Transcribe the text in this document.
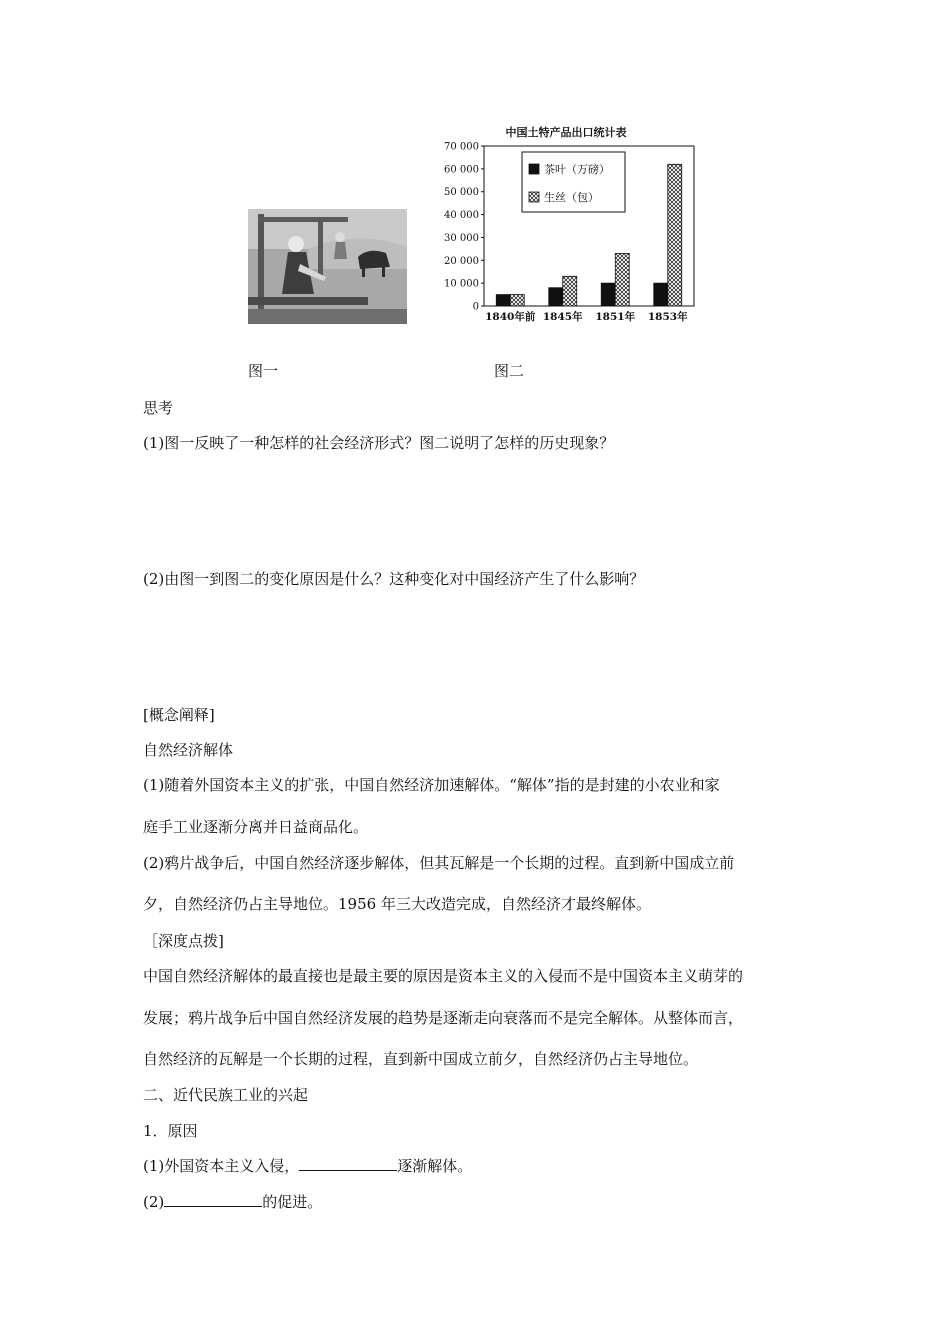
中国土特产品出口统计表
0
10 000
20 000
30 000
40 000
50 000
60 000
70 000
1840年前 1845年 1851年 1853年
茶叶（万磅）
生丝（包）
图一	图二
思考
(1)图一反映了一种怎样的社会经济形式？图二说明了怎样的历史现象？
(2)由图一到图二的变化原因是什么？这种变化对中国经济产生了什么影响？
[概念阐释]
自然经济解体
(1)随着外国资本主义的扩张，中国自然经济加速解体。“解体”指的是封建的小农业和家
庭手工业逐渐分离并日益商品化。
(2)鸦片战争后，中国自然经济逐步解体，但其瓦解是一个长期的过程。直到新中国成立前
夕，自然经济仍占主导地位。1956 年三大改造完成，自然经济才最终解体。
［深度点拨]
中国自然经济解体的最直接也是最主要的原因是资本主义的入侵而不是中国资本主义萌芽的
发展；鸦片战争后中国自然经济发展的趋势是逐渐走向衰落而不是完全解体。从整体而言，
自然经济的瓦解是一个长期的过程，直到新中国成立前夕，自然经济仍占主导地位。
二、近代民族工业的兴起
1．原因
(1)外国资本主义入侵，	逐渐解体。
(2)	的促进。
